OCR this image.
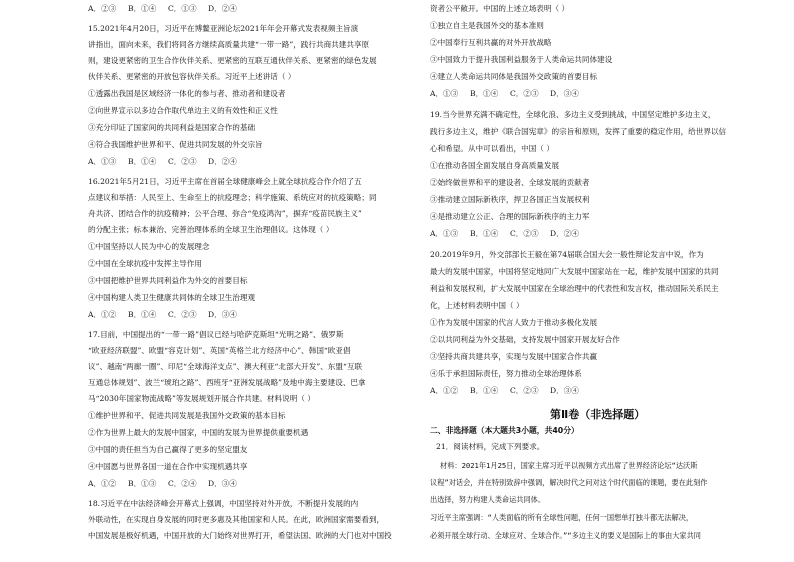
A．②③ B．①④ C．①③ D．②④
15.2021年4月20日，习近平在博鳌亚洲论坛2021年年会开幕式发表视频主旨演
讲指出，面向未来，我们将同各方继续高质量共建“一带一路”，践行共商共建共享原
则，建设更紧密的卫生合作伙伴关系、更紧密的互联互通伙伴关系、更紧密的绿色发展
伙伴关系、更紧密的开放包容伙伴关系。习近平上述讲话（ ）
①透露出我国是区域经济一体化的参与者、推动者和建设者
②向世界宣示以多边合作取代单边主义的有效性和正义性
③充分印证了国家间的共同利益是国家合作的基础
④符合我国维护世界和平、促进共同发展的外交宗旨
A．①③ B．①④ C．②③ D．②④
16.2021年5月21日，习近平主席在首届全球健康峰会上就全球抗疫合作介绍了五
点建议和举措：人民至上、生命至上的抗疫理念；科学施策、系统应对的抗疫策略；同
舟共济、团结合作的抗疫精神；公平合理、弥合“免疫鸿沟”，摒弃“疫苗民族主义”
的分配主张；标本兼治、完善治理体系的全球卫生治理倡议。这体现（ ）
①中国坚持以人民为中心的发展理念
②中国在全球抗疫中发挥主导作用
③中国把维护世界共同利益作为外交的首要目标
④中国构建人类卫生健康共同体的全球卫生治理观
A．①② B．①④ C．②③ D．③④
17.目前，中国提出的“一带一路”倡议已经与哈萨克斯坦“光明之路”、俄罗斯
“欧亚经济联盟”、欧盟“容克计划”、英国“英格兰北方经济中心”、韩国“欧亚倡
议”、越南“两廊一圈”、印尼“全球海洋支点”、澳大利亚“北部大开发”、东盟“互联
互通总体规划”、波兰“琥珀之路”、西班牙“亚洲发展战略”及地中海主要建设、巴拿
马“2030年国家物流战略”等发展规划开展合作共建。材料说明（ ）
①维护世界和平、促进共同发展是我国外交政策的基本目标
②作为世界上最大的发展中国家，中国的发展为世界提供重要机遇
③中国的责任担当为自己赢得了更多的坚定盟友
④中国愿与世界各国一道在合作中实现机遇共享
A．①② B．①③ C．②④ D．③④
18.习近平在中法经济峰会开幕式上强调，中国坚持对外开放，不断提升发展的内
外联动性，在实现自身发展的同时更多惠及其他国家和人民。在此，欧洲国家需要看到，
中国发展是极好机遇，中国开放的大门始终对世界打开，希望法国、欧洲的大门也对中国投
资者公平敞开。中国的上述立场表明（ ）
①独立自主是我国外交的基本准则
②中国奉行互利共赢的对外开放战略
③中国致力于提升我国利益服务于人类命运共同体建设
④建立人类命运共同体是我国外交政策的首要目标
A．①③ B．①④ C．②③ D．③④
19.当今世界充满不确定性，全球化浪、多边主义受到挑战，中国坚定维护多边主义，
践行多边主义，维护《联合国宪章》的宗旨和原则，发挥了重要的稳定作用，给世界以信
心和希望。从中可以看出，中国（ ）
①在推动各国全面发展自身高质量发展
②始终做世界和平的建设者、全球发展的贡献者
③推动建立国际新秩序，捍卫各国正当发展权利
④是推动建立公正、合理的国际新秩序的主力军
A．①③ B．①④ C．②③ D．②④
20.2019年9月，外交部部长王毅在第74届联合国大会一般性辩论发言中说，作为
最大的发展中国家，中国将坚定地同广大发展中国家站在一起，维护发展中国家的共同
利益和发展权利，扩大发展中国家在全球治理中的代表性和发言权，推动国际关系民主
化，上述材料表明中国（ ）
①作为发展中国家的代言人致力于推动多极化发展
②以共同利益为外交基础，支持发展中国家开展友好合作
③坚持共商共建共享，实现与发展中国家合作共赢
④乐于承担国际责任，努力推动全球治理体系
A．①② B．①④ C．②③ D．③④
第Ⅱ卷（非选择题）
二、非选择题（本大题共3小题，共40分）
21．阅读材料，完成下列要求。
材料：2021年1月25日，国家主席习近平以视频方式出席了世界经济论坛“达沃斯
议程”对话会，并在特别致辞中强调，解决时代之问对这个时代面临的课题，要在此刻作
出选择，努力构建人类命运共同体。
习近平主席强调：“人类面临的所有全球性问题，任何一国想单打独斗都无法解决，
必须开展全球行动、全球应对、全球合作。”“多边主义的要义是国际上的事由大家共同
